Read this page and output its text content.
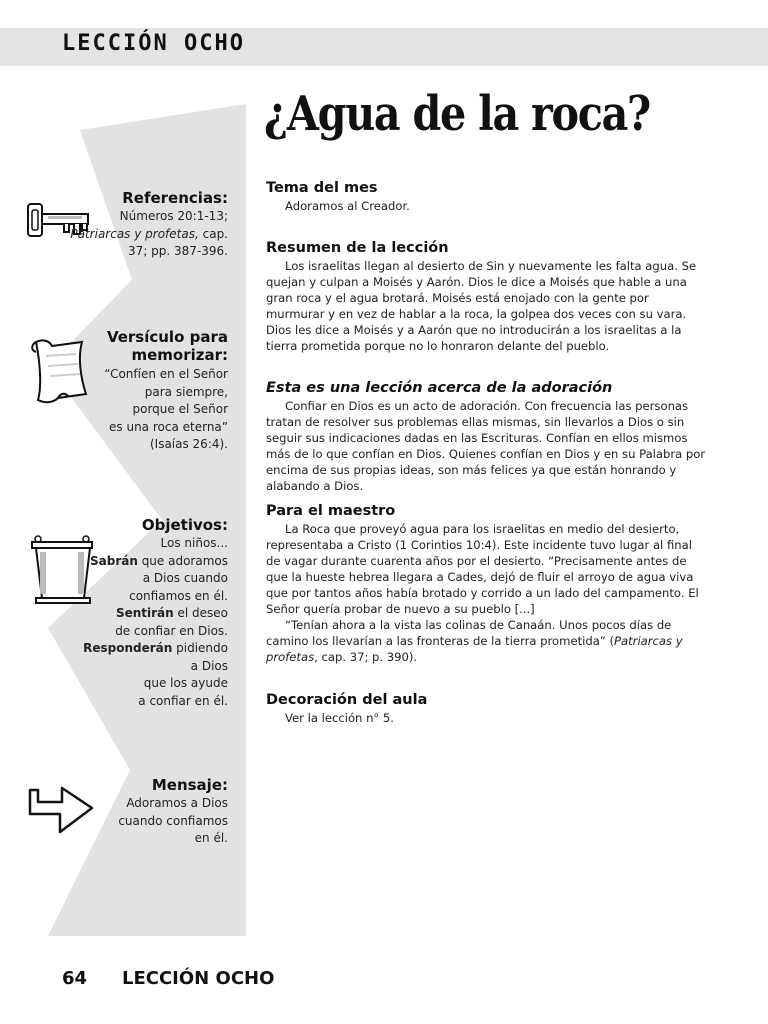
LECCIÓN OCHO
¿Agua de la roca?
Referencias:

Números 20:1-13;

Patriarcas y profetas, cap.

37; pp. 387-396.

Versículo para
memorizar:

“Confíen en el Señor

para siempre,

porque el Señor

es una roca eterna”

(Isaías 26:4).

Objetivos:

Los niños...

Sabrán que adoramos

a Dios cuando

confiamos en él.

Sentirán el deseo

de confiar en Dios.

Responderán pidiendo

a Dios

que los ayude

a confiar en él.

Mensaje:

Adoramos a Dios

cuando confiamos

en él.

Tema del mes

Adoramos al Creador.

Resumen de la lección

Los israelitas llegan al desierto de Sin y nuevamente les falta agua. Se quejan y culpan a Moisés y Aarón. Dios le dice a Moisés que hable a una gran roca y el agua brotará. Moisés está enojado con la gente por murmurar y en vez de hablar a la roca, la golpea dos veces con su vara. Dios les dice a Moisés y a Aarón que no introducirán a los israelitas a la tierra prometida porque no lo honraron delante del pueblo.

Esta es una lección acerca de la adoración

Confiar en Dios es un acto de adoración. Con frecuencia las personas tratan de resolver sus problemas ellas mismas, sin llevarlos a Dios o sin seguir sus indicaciones dadas en las Escrituras. Confían en ellos mismos más de lo que confían en Dios. Quienes confían en Dios y en su Palabra por encima de sus propias ideas, son más felices ya que están honrando y alabando a Dios.

Para el maestro

La Roca que proveyó agua para los israelitas en medio del desierto, representaba a Cristo (1 Corintios 10:4). Este incidente tuvo lugar al final de vagar durante cuarenta años por el desierto. “Precisamente antes de que la hueste hebrea llegara a Cades, dejó de fluir el arroyo de agua viva que por tantos años había brotado y corrido a un lado del campamento. El Señor quería probar de nuevo a su pueblo [...]

“Tenían ahora a la vista las colinas de Canaán. Unos pocos días de camino los llevarían a las fronteras de la tierra prometida” (Patriarcas y profetas, cap. 37; p. 390).

Decoración del aula

Ver la lección n° 5.

64 LECCIÓN OCHO
